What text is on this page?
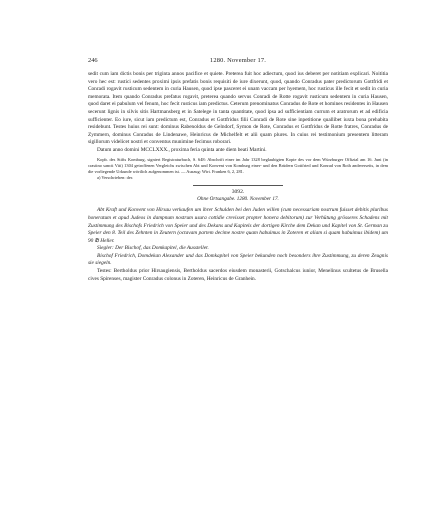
246	1280. November 17.

sedit cum iam dictis bonis per triginta annos pacifice et quiete. Preterea fuit hoc adiectum, quod ius deberet per notitiam explicari. Noititia vero hec est: rustici sedentes proximi ipsis prefatis bonis requisiti de iure dixerunt, quod, quando Conradus pater predictorum Gottfridi et Conradi rogavit rusticum sedentem in curia Hausen, quod ipse pasceret ei unam vaccam per hyemem, hoc rusticus ille fecit et sedit in curia memorata. Item quando Conradus prefatus rogavit, preterea quando servus Conradi de Rotte rogavit rusticum sedentem in curia Hausen, quod daret ei pabulum vel fenum, hoc fecit rusticus iam predictus. Ceterum prenominatus Conradus de Rote et homines residentes in Hausen secerunt lignis in silvis sitis Hartmansberg et in Satelege in tanta quantitate, quod ipsa ad sufficientiam currum et aratrorum et ad edificia sufficienter. Eo iure, sicut iam predictum est, Conradus et Gottfridus filii Conradi de Rote sine inpetitione quallibet iuxta bona prehabita residebunt. Testes huius rei sunt: dominus Rabenoldus de Gelndorf, Symon de Rote, Conradus et Gottfridus de Rotte fratres, Conradus de Zymmern, dominus Conradus de Lindenawe, Heinricus de Michelfelt et alii quam plures. In cuius rei testimonium presentem litteram sigillorum videlicet nostri et conventus munimine fecimus roborari.

Datum anno domini MCCLXXX., proxima feria quinta ante diem beati Martini.

Kopb. des Stifts Komburg, signiert Registraturbuch, S. 648: Abschrift einer im Jahr 1328 beglaubigten Kopie des vor dem Würzburger Offizial am 16. Juni (in crastino sancti Viti) 1304 getroffenen Vergleichs zwischen Abt und Konvent von Komburg einer- und den Brüdern Gottfried und Konrad von Roth andererseits, in dem die vorliegende Urkunde wörtlich aufgenommen ist. — Auszug: Wirt. Franken 6, 2, 281.

a) Verschrieben: der.

3092.
Ohne Ortsangabe. 1280. November 17.

Abt Kraft und Konvent von Hirsau verkaufen um ihrer Schulden bei den Juden willen (cum necessariam nostrum fuisset debitis pluribus honeratum et apud Judeos in dampnum nostrum usura cottidie crevisset propter honera debitorum) zur Verhütung grösseres Schadens mit Zustimmung des Bischofs Friedrich von Speier und des Dekans und Kapitels der dortigen Kirche dem Dekan und Kapitel von St. German zu Speier den 8. Teil des Zehnten in Zeutern (octavam partem decime nostre quam habuimus in Zoteren et aliam si quam habuimus ibidem) um 90 ℔ Heller.

Siegler: Der Bischof, das Domkapitel, die Aussteller.

Bischof Friedrich, Domdekan Alexander und das Domkapitel von Speier bekunden noch besonders ihre Zustimmung, zu deren Zeugnis sie siegeln.

Testes: Bertholdus prior Hirsaugiensis, Bertholdus sacerdos eiusdem monasterii, Gotschalcus iunior, Menelinus scultetus de Brusella cives Spirenses, magister Conradus colonus in Zoteren, Heinricus de Granhein.
